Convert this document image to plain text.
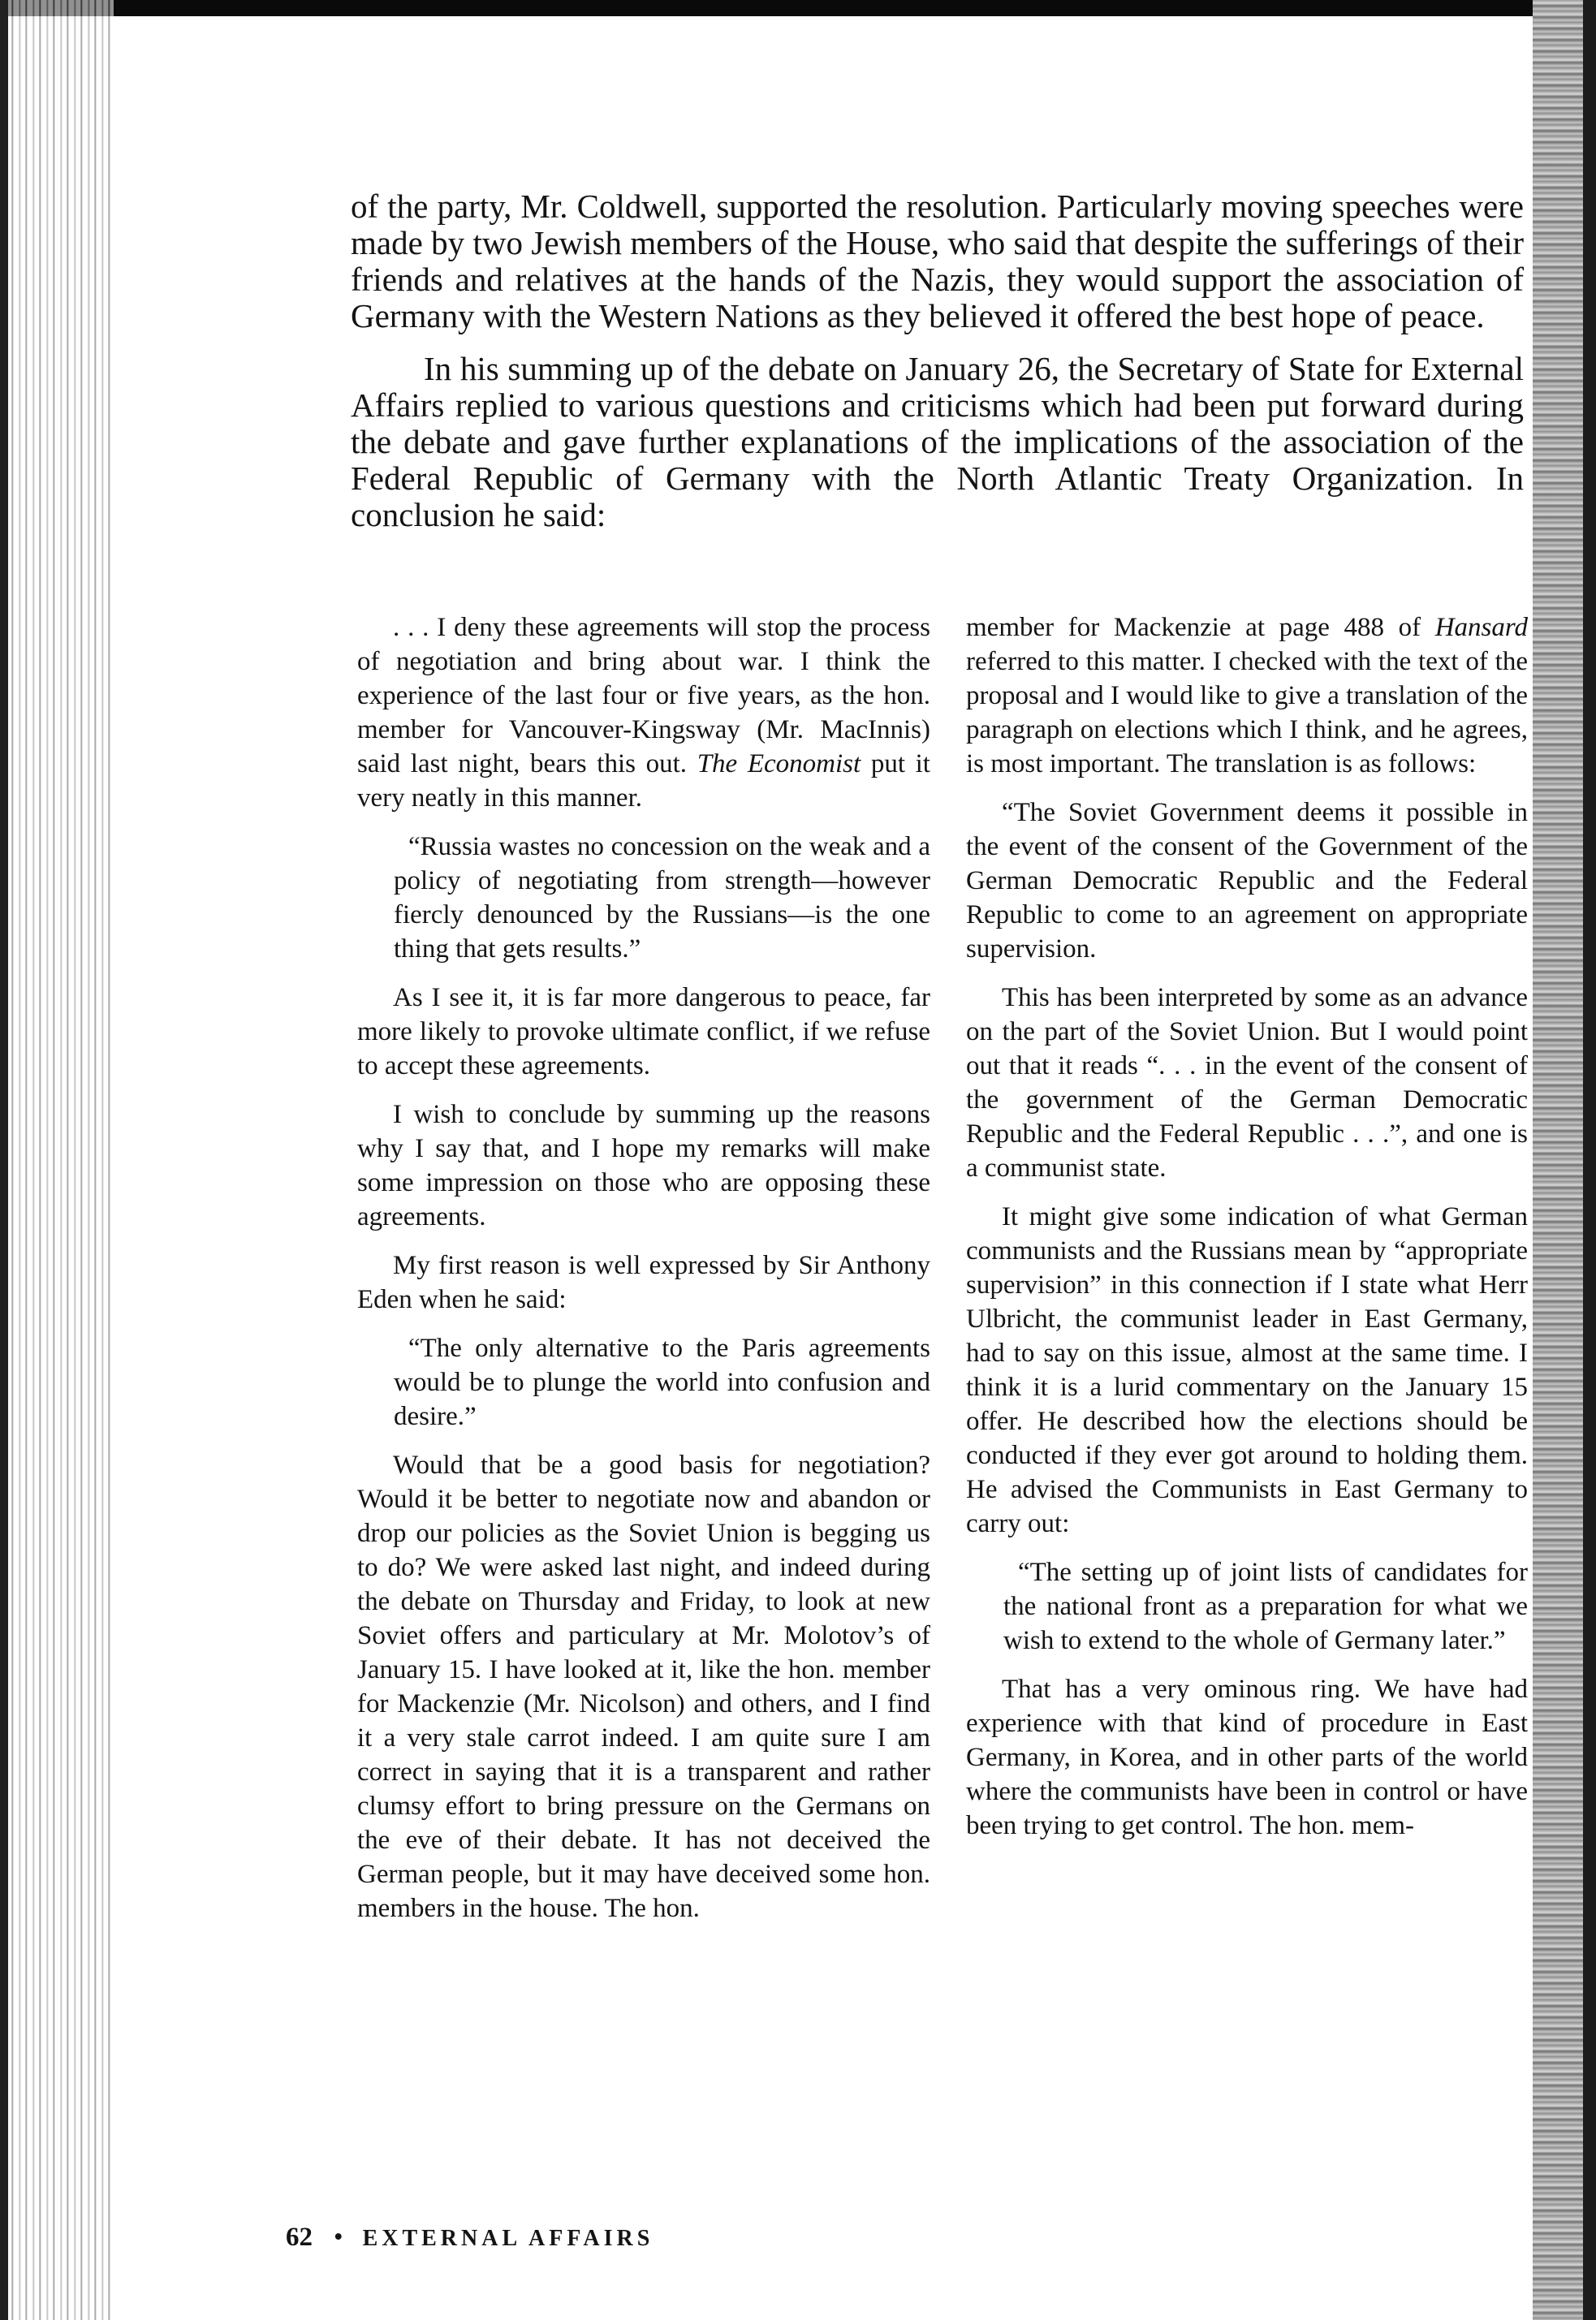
of the party, Mr. Coldwell, supported the resolution. Particularly moving speeches were made by two Jewish members of the House, who said that despite the sufferings of their friends and relatives at the hands of the Nazis, they would support the association of Germany with the Western Nations as they believed it offered the best hope of peace.

In his summing up of the debate on January 26, the Secretary of State for External Affairs replied to various questions and criticisms which had been put forward during the debate and gave further explanations of the implications of the association of the Federal Republic of Germany with the North Atlantic Treaty Organization. In conclusion he said:

. . . I deny these agreements will stop the process of negotiation and bring about war. I think the experience of the last four or five years, as the hon. member for Vancouver-Kingsway (Mr. MacInnis) said last night, bears this out. The Economist put it very neatly in this manner.

“Russia wastes no concession on the weak and a policy of negotiating from strength—however fiercly denounced by the Russians—is the one thing that gets results.”

As I see it, it is far more dangerous to peace, far more likely to provoke ultimate conflict, if we refuse to accept these agreements.

I wish to conclude by summing up the reasons why I say that, and I hope my remarks will make some impression on those who are opposing these agreements.

My first reason is well expressed by Sir Anthony Eden when he said:

“The only alternative to the Paris agreements would be to plunge the world into confusion and desire.”

Would that be a good basis for negotiation? Would it be better to negotiate now and abandon or drop our policies as the Soviet Union is begging us to do? We were asked last night, and indeed during the debate on Thursday and Friday, to look at new Soviet offers and particulary at Mr. Molotov’s of January 15. I have looked at it, like the hon. member for Mackenzie (Mr. Nicolson) and others, and I find it a very stale carrot indeed. I am quite sure I am correct in saying that it is a transparent and rather clumsy effort to bring pressure on the Germans on the eve of their debate. It has not deceived the German people, but it may have deceived some hon. members in the house. The hon.

member for Mackenzie at page 488 of Hansard referred to this matter. I checked with the text of the proposal and I would like to give a translation of the paragraph on elections which I think, and he agrees, is most important. The translation is as follows:

“The Soviet Government deems it possible in the event of the consent of the Government of the German Democratic Republic and the Federal Republic to come to an agreement on appropriate supervision.

This has been interpreted by some as an advance on the part of the Soviet Union. But I would point out that it reads “. . . in the event of the consent of the government of the German Democratic Republic and the Federal Republic . . .”, and one is a communist state.

It might give some indication of what German communists and the Russians mean by “appropriate supervision” in this connection if I state what Herr Ulbricht, the communist leader in East Germany, had to say on this issue, almost at the same time. I think it is a lurid commentary on the January 15 offer. He described how the elections should be conducted if they ever got around to holding them. He advised the Communists in East Germany to carry out:

“The setting up of joint lists of candidates for the national front as a preparation for what we wish to extend to the whole of Germany later.”

That has a very ominous ring. We have had experience with that kind of procedure in East Germany, in Korea, and in other parts of the world where the communists have been in control or have been trying to get control. The hon. mem-

62 • EXTERNAL AFFAIRS
